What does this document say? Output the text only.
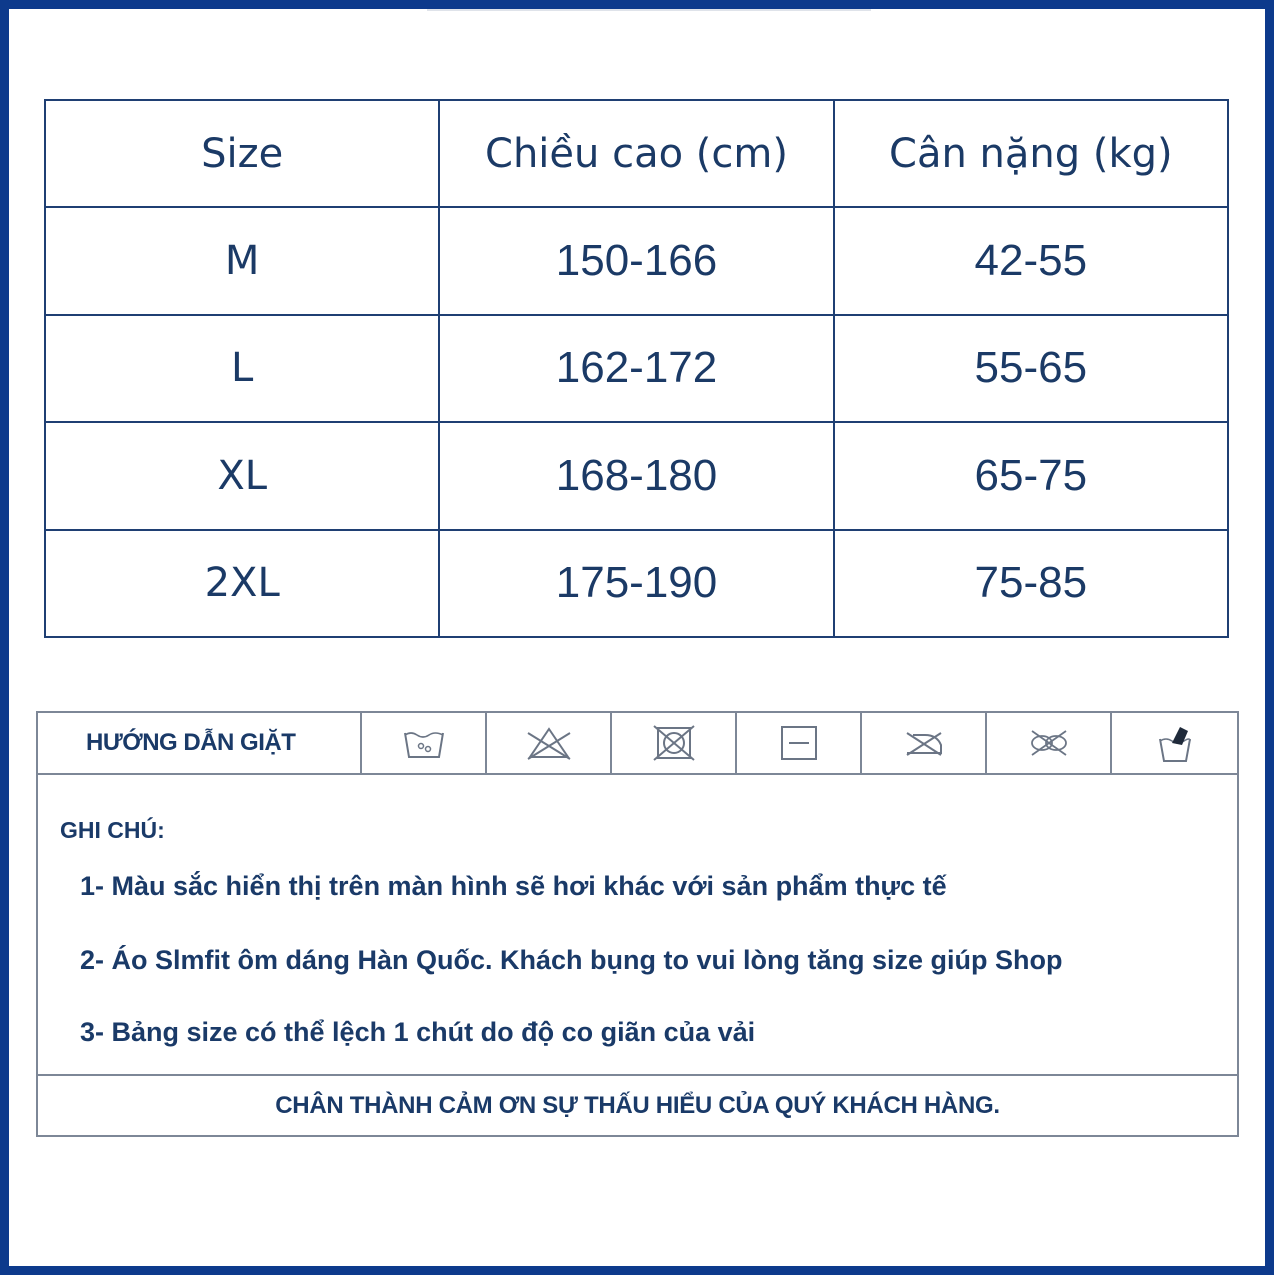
Size	Chiều cao (cm)	Cân nặng (kg)
M	150-166	42-55
L	162-172	55-65
XL	168-180	65-75
2XL	175-190	75-85
HƯỚNG DẪN GIẶT
GHI CHÚ:
1- Màu sắc hiển thị trên màn hình sẽ hơi khác với sản phẩm thực tế
2- Áo Slmfit ôm dáng Hàn Quốc. Khách bụng to vui lòng tăng size giúp Shop
3- Bảng size có thể lệch 1 chút do độ co giãn của vải
CHÂN THÀNH CẢM ƠN SỰ THẤU HIỂU CỦA QUÝ KHÁCH HÀNG.
